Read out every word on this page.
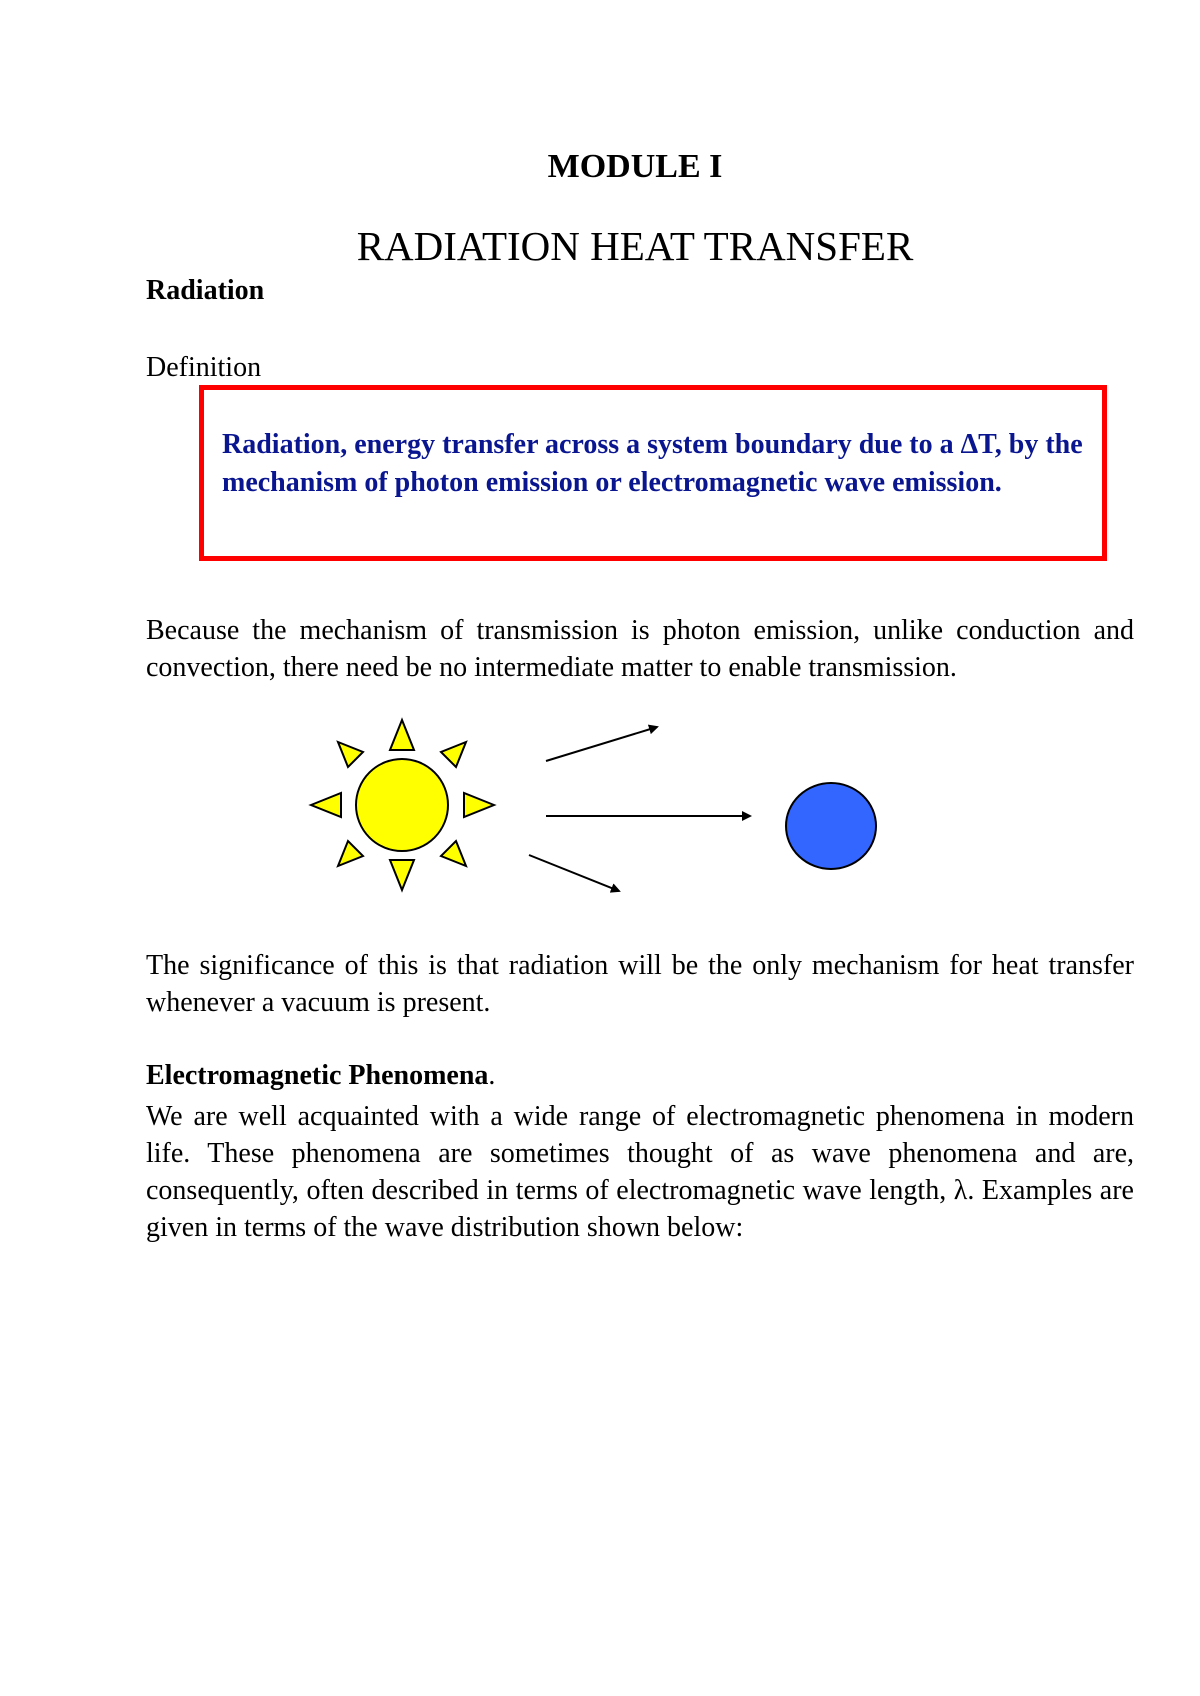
MODULE I
RADIATION HEAT TRANSFER

Radiation

Definition

Radiation, energy transfer across a system boundary due to a ΔT, by the mechanism of photon emission or electromagnetic wave emission.

Because the mechanism of transmission is photon emission, unlike conduction and convection, there need be no intermediate matter to enable transmission.

The significance of this is that radiation will be the only mechanism for heat transfer whenever a vacuum is present.

Electromagnetic Phenomena.

We are well acquainted with a wide range of electromagnetic phenomena in modern life. These phenomena are sometimes thought of as wave phenomena and are, consequently, often described in terms of electromagnetic wave length, λ. Examples are given in terms of the wave distribution shown below:
